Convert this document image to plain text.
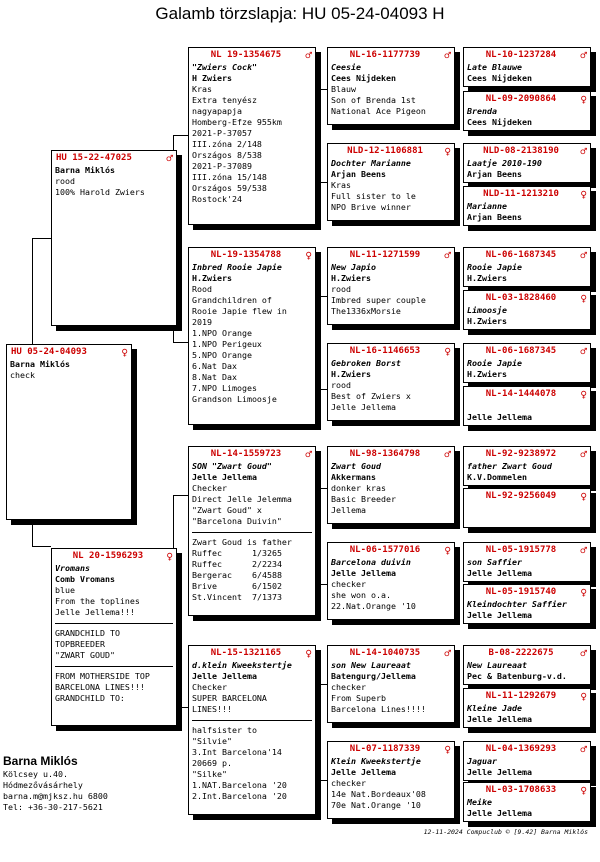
Galamb törzslapja: HU 05-24-04093 H
HU 05-24-04093	♀
Barna Miklós
check
HU 15-22-47025	♂
Barna Miklós
rood
100% Harold Zwiers
NL 20-1596293	♀
Vromans
Comb Vromans
blue
From the toplines
Jelle Jellema!!!
GRANDCHILD TO
TOPBREEDER
"ZWART GOUD"
FROM MOTHERSIDE TOP
BARCELONA LINES!!!
GRANDCHILD TO:
NL 19-1354675	♂
"Zwiers Cock"
H Zwiers
Kras
Extra tenyész
nagyapapja
Homberg-Efze 955km
2021-P-37057
III.zóna 2/148
Országos 8/538
2021-P-37089
III.zóna 15/148
Országos 59/538
Rostock'24
NL-19-1354788	♀
Inbred Rooie Japie
H.Zwiers
Rood
Grandchildren of
Rooie Japie flew in
2019
1.NPO Orange
1.NPO Perigeux
5.NPO Orange
6.Nat Dax
8.Nat Dax
7.NPO Limoges
Grandson Limoosje
NL-14-1559723	♂
SON "Zwart Goud"
Jelle Jellema
Checker
Direct Jelle Jelemma
"Zwart Goud" x
"Barcelona Duivin"
Zwart Goud is father
Ruffec	1/3265
Ruffec	2/2234
Bergerac	6/4588
Brive	6/1502
St.Vincent	7/1373
NL-15-1321165	♀
d.klein Kweekstertje
Jelle Jellema
Checker
SUPER BARCELONA
LINES!!!
halfsister to
"Silvie"
3.Int Barcelona'14
20669 p.
"Silke"
1.NAT.Barcelona '20
2.Int.Barcelona '20
NL-16-1177739	♂
Ceesie
Cees Nijdeken
Blauw
Son of Brenda 1st
National Ace Pigeon
NLD-12-1106881	♀
Dochter Marianne
Arjan Beens
Kras
Full sister to le
NPO Brive winner
NL-11-1271599	♂
New Japio
H.Zwiers
rood
Imbred super couple
The1336xMorsie
NL-16-1146653	♀
Gebroken Borst
H.Zwiers
rood
Best of Zwiers x
Jelle Jellema
NL-98-1364798	♂
Zwart Goud
Akkermans
donker kras
Basic Breeder
Jellema
NL-06-1577016	♀
Barcelona duivin
Jelle Jellema
checker
she won o.a.
22.Nat.Orange '10
NL-14-1040735	♂
son New Laureaat
Batengurg/Jellema
checker
From Superb
Barcelona Lines!!!!
NL-07-1187339	♀
Klein Kweekstertje
Jelle Jellema
checker
14e Nat.Bordeaux'08
70e Nat.Orange '10
NL-10-1237284	♂
Late Blauwe
Cees Nijdeken
NL-09-2090864	♀
Brenda
Cees Nijdeken
NLD-08-2138190	♂
Laatje 2010-190
Arjan Beens
NLD-11-1213210	♀
Marianne
Arjan Beens
NL-06-1687345	♂
Rooie Japie
H.Zwiers
NL-03-1828460	♀
Limoosje
H.Zwiers
NL-06-1687345	♂
Rooie Japie
H.Zwiers
NL-14-1444078	♀

Jelle Jellema
NL-92-9238972	♂
father Zwart Goud
K.V.Dommelen
NL-92-9256049	♀
NL-05-1915778	♂
son Saffier
Jelle Jellema
NL-05-1915740	♀
Kleindochter Saffier
Jelle Jellema
B-08-2222675	♂
New Laureaat
Pec & Batenburg-v.d.
NL-11-1292679	♀
Kleine Jade
Jelle Jellema
NL-04-1369293	♂
Jaguar
Jelle Jellema
NL-03-1708633	♀
Meike
Jelle Jellema
Barna Miklós
Kölcsey u.40.
Hódmezővásárhely
barna.m@mjksz.hu 6800
Tel: +36-30-217-5621
12-11-2024 Compuclub © [9.42] Barna Miklós
